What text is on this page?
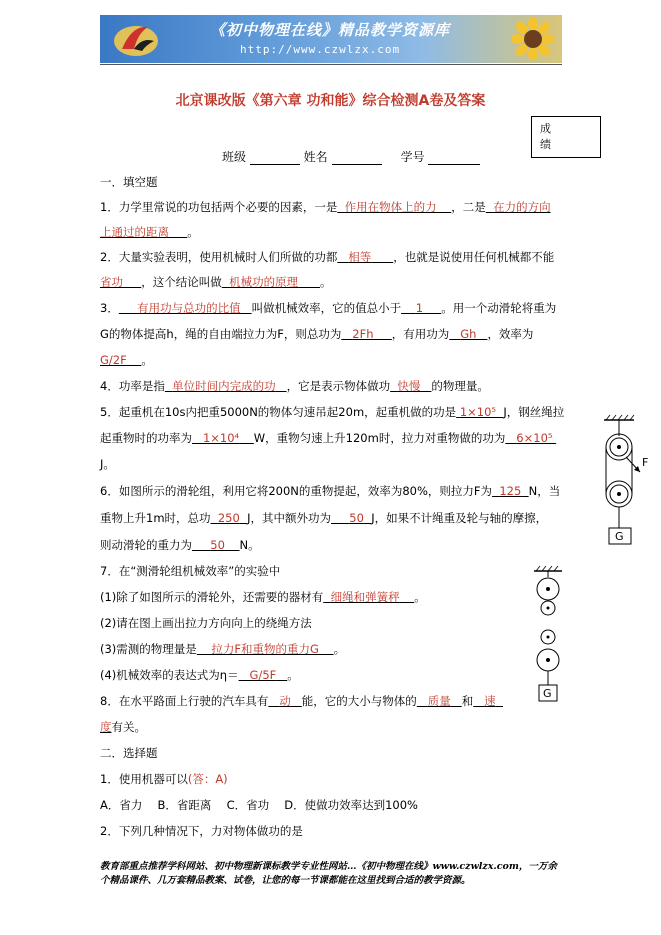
《初中物理在线》精品教学资源库
http://www.czwlzx.com
北京课改版《第六章 功和能》综合检测A卷及答案
成
绩
班级	姓名	学号
一．填空题
1．力学里常说的功包括两个必要的因素，一是 作用在物体上的力 ，二是 在力的方向
上通过的距离 。
2．大量实验表明，使用机械时人们所做的功都 相等 ，也就是说使用任何机械都不能
省功 ，这个结论叫做 机械功的原理 。
3． 有用功与总功的比值 叫做机械效率，它的值总小于 1 。用一个动滑轮将重为
G的物体提高h，绳的自由端拉力为F，则总功为 2Fh ，有用功为 Gh ，效率为
G/2F 。
4．功率是指 单位时间内完成的功 ，它是表示物体做功 快慢 的物理量。
5．起重机在10s内把重5000N的物体匀速吊起20m，起重机做的功是 1×10⁵ J，钢丝绳拉
起重物时的功率为 1×10⁴ W，重物匀速上升120m时，拉力对重物做的功为 6×10⁵
J。
6．如图所示的滑轮组，利用它将200N的重物提起，效率为80%，则拉力F为 125 N，当
重物上升1m时，总功 250 J，其中额外功为 50 J，如果不计绳重及轮与轴的摩擦，
则动滑轮的重力为 50 N。
7．在“测滑轮组机械效率”的实验中
(1)除了如图所示的滑轮外，还需要的器材有 细绳和弹簧秤 。
(2)请在图上画出拉力方向向上的绕绳方法
(3)需测的物理量是 拉力F和重物的重力G 。
(4)机械效率的表达式为η＝ G/5F 。
8．在水平路面上行驶的汽车具有 动 能，它的大小与物体的 质量 和 速
度有关。
二．选择题
1．使用机器可以(答：A)
A．省力　 B．省距离　 C．省功　 D．使做功效率达到100%
2．下列几种情况下，力对物体做功的是
F
G
G
教育部重点推荐学科网站、初中物理新课标教学专业性网站…《初中物理在线》www.czwlzx.com，一万余
个精品课件、几万套精品教案、试卷，让您的每一节课都能在这里找到合适的教学资源。
